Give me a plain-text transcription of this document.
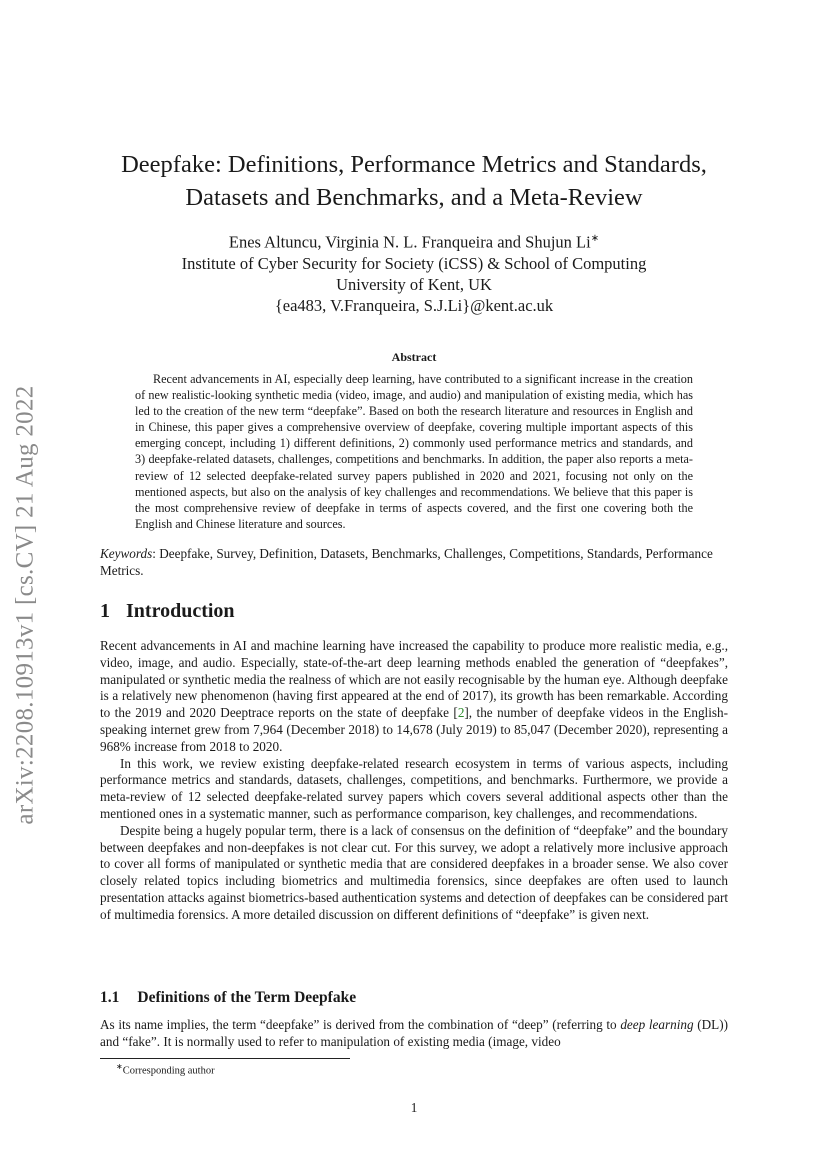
arXiv:2208.10913v1 [cs.CV] 21 Aug 2022
Deepfake: Definitions, Performance Metrics and Standards,
Datasets and Benchmarks, and a Meta-Review
Enes Altuncu, Virginia N. L. Franqueira and Shujun Li∗
Institute of Cyber Security for Society (iCSS) & School of Computing
University of Kent, UK
{ea483, V.Franqueira, S.J.Li}@kent.ac.uk
Abstract

Recent advancements in AI, especially deep learning, have contributed to a significant increase in the creation of new realistic-looking synthetic media (video, image, and audio) and manipulation of existing media, which has led to the creation of the new term “deepfake”. Based on both the research literature and resources in English and in Chinese, this paper gives a comprehensive overview of deepfake, covering multiple important aspects of this emerging concept, including 1) different definitions, 2) commonly used performance metrics and standards, and 3) deepfake-related datasets, challenges, competitions and benchmarks. In addition, the paper also reports a meta-review of 12 selected deepfake-related survey papers published in 2020 and 2021, focusing not only on the mentioned aspects, but also on the analysis of key challenges and recommendations. We believe that this paper is the most comprehensive review of deepfake in terms of aspects covered, and the first one covering both the English and Chinese literature and sources.

Keywords: Deepfake, Survey, Definition, Datasets, Benchmarks, Challenges, Competitions, Standards, Performance Metrics.

1 Introduction

Recent advancements in AI and machine learning have increased the capability to produce more realistic media, e.g., video, image, and audio. Especially, state-of-the-art deep learning methods enabled the generation of “deepfakes”, manipulated or synthetic media the realness of which are not easily recognisable by the human eye. Although deepfake is a relatively new phenomenon (having first appeared at the end of 2017), its growth has been remarkable. According to the 2019 and 2020 Deeptrace reports on the state of deepfake [2], the number of deepfake videos in the English-speaking internet grew from 7,964 (December 2018) to 14,678 (July 2019) to 85,047 (December 2020), representing a 968% increase from 2018 to 2020.

In this work, we review existing deepfake-related research ecosystem in terms of various aspects, including performance metrics and standards, datasets, challenges, competitions, and benchmarks. Furthermore, we provide a meta-review of 12 selected deepfake-related survey papers which covers several additional aspects other than the mentioned ones in a systematic manner, such as performance comparison, key challenges, and recommendations.

Despite being a hugely popular term, there is a lack of consensus on the definition of “deepfake” and the boundary between deepfakes and non-deepfakes is not clear cut. For this survey, we adopt a relatively more inclusive approach to cover all forms of manipulated or synthetic media that are considered deepfakes in a broader sense. We also cover closely related topics including biometrics and multimedia forensics, since deepfakes are often used to launch presentation attacks against biometrics-based authentication systems and detection of deepfakes can be considered part of multimedia forensics. A more detailed discussion on different definitions of “deepfake” is given next.

1.1 Definitions of the Term Deepfake

As its name implies, the term “deepfake” is derived from the combination of “deep” (referring to deep learning (DL)) and “fake”. It is normally used to refer to manipulation of existing media (image, video

∗Corresponding author
1
